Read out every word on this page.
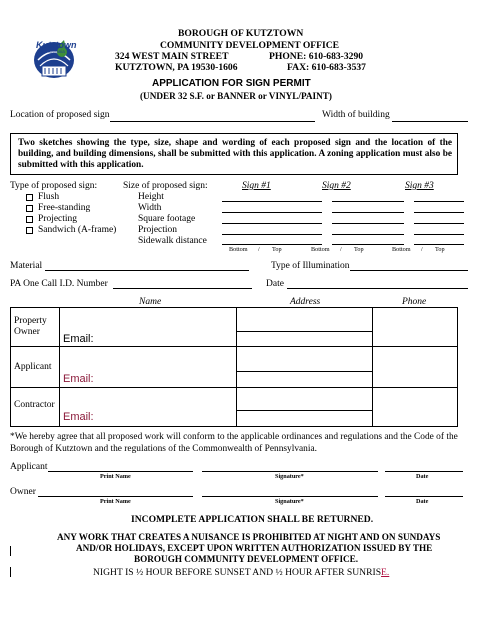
Kutztown
Pennsylvania
BOROUGH OF KUTZTOWN
COMMUNITY DEVELOPMENT OFFICE
324 WEST MAIN STREET	PHONE: 610-683-3290
KUTZTOWN, PA 19530-1606	FAX: 610-683-3537
APPLICATION FOR SIGN PERMIT
(UNDER 32 S.F. or BANNER or VINYL/PAINT)
Location of proposed sign	Width of building
Two sketches showing the type, size, shape and wording of each proposed sign and the location of the building, and building dimensions, shall be submitted with this application. A zoning application must also be submitted with this application.
Type of proposed sign:
Flush
Free-standing
Projecting
Sandwich (A-frame)
Size of proposed sign:
Height
Width
Square footage
Projection
Sidewalk distance
Sign #1	Sign #2	Sign #3
Bottom / Top	Bottom / Top	Bottom / Top
Material	Type of Illumination
PA One Call I.D. Number	Date
Name	Address	Phone
Property Owner
Email:
Applicant
Email:
Contractor
Email:
*We hereby agree that all proposed work will conform to the applicable ordinances and regulations and the Code of the Borough of Kutztown and the regulations of the Commonwealth of Pennsylvania.
Applicant
Print Name	Signature*	Date
Owner
Print Name	Signature*	Date
INCOMPLETE APPLICATION SHALL BE RETURNED.
ANY WORK THAT CREATES A NUISANCE IS PROHIBITED AT NIGHT AND ON SUNDAYS
AND/OR HOLIDAYS, EXCEPT UPON WRITTEN AUTHORIZATION ISSUED BY THE
BOROUGH COMMUNITY DEVELOPMENT OFFICE.
NIGHT IS ½ HOUR BEFORE SUNSET AND ½ HOUR AFTER SUNRISE.
